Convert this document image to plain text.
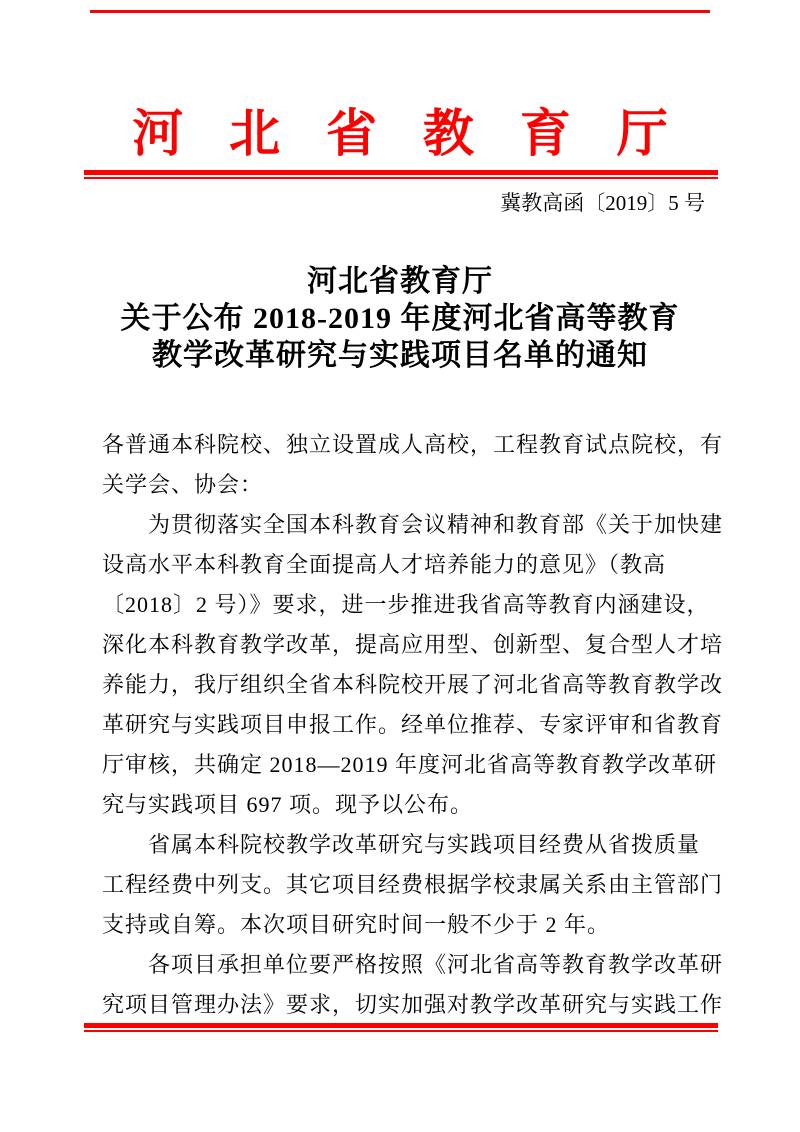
河北省教育厅
冀教高函〔2019〕5 号
河北省教育厅
关于公布 2018-2019 年度河北省高等教育
教学改革研究与实践项目名单的通知
各普通本科院校、独立设置成人高校，工程教育试点院校，有
关学会、协会：
为贯彻落实全国本科教育会议精神和教育部《关于加快建
设高水平本科教育全面提高人才培养能力的意见》（教高
〔2018〕2 号）》要求，进一步推进我省高等教育内涵建设，
深化本科教育教学改革，提高应用型、创新型、复合型人才培
养能力，我厅组织全省本科院校开展了河北省高等教育教学改
革研究与实践项目申报工作。经单位推荐、专家评审和省教育
厅审核，共确定 2018—2019 年度河北省高等教育教学改革研
究与实践项目 697 项。现予以公布。
省属本科院校教学改革研究与实践项目经费从省拨质量
工程经费中列支。其它项目经费根据学校隶属关系由主管部门
支持或自筹。本次项目研究时间一般不少于 2 年。
各项目承担单位要严格按照《河北省高等教育教学改革研
究项目管理办法》要求，切实加强对教学改革研究与实践工作
